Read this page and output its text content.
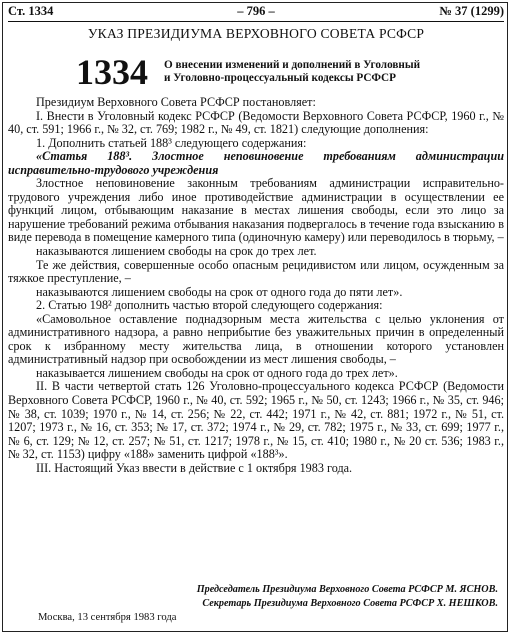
Ст. 1334	– 796 –	№ 37 (1299)
УКАЗ ПРЕЗИДИУМА ВЕРХОВНОГО СОВЕТА РСФСР
1334 О внесении изменений и дополнений в Уголовный
и Уголовно-процессуальный кодексы РСФСР

Президиум Верховного Совета РСФСР постановляет:

I. Внести в Уголовный кодекс РСФСР (Ведомости Верховного Совета РСФСР, 1960 г., № 40, ст. 591; 1966 г., № 32, ст. 769; 1982 г., № 49, ст. 1821) следующие дополнения:

1. Дополнить статьей 188³ следующего содержания:

«Статья 188³. Злостное неповиновение требованиям администрации исправительно-трудового учреждения

Злостное неповиновение законным требованиям администрации исправительно-трудового учреждения либо иное противодействие администрации в осуществлении ее функций лицом, отбывающим наказание в местах лишения свободы, если это лицо за нарушение требований режима отбывания наказания подвергалось в течение года взысканию в виде перевода в помещение камерного типа (одиночную камеру) или переводилось в тюрьму, –

наказываются лишением свободы на срок до трех лет.

Те же действия, совершенные особо опасным рецидивистом или лицом, осужденным за тяжкое преступление, –

наказываются лишением свободы на срок от одного года до пяти лет».

2. Статью 198² дополнить частью второй следующего содержания:

«Самовольное оставление поднадзорным места жительства с целью уклонения от административного надзора, а равно неприбытие без уважительных причин в определенный срок к избранному месту жительства лица, в отношении которого установлен административный надзор при освобождении из мест лишения свободы, –

наказывается лишением свободы на срок от одного года до трех лет».

II. В части четвертой стать 126 Уголовно-процессуального кодекса РСФСР (Ведомости Верховного Совета РСФСР, 1960 г., № 40, ст. 592; 1965 г., № 50, ст. 1243; 1966 г., № 35, ст. 946; № 38, ст. 1039; 1970 г., № 14, ст. 256; № 22, ст. 442; 1971 г., № 42, ст. 881; 1972 г., № 51, ст. 1207; 1973 г., № 16, ст. 353; № 17, ст. 372; 1974 г., № 29, ст. 782; 1975 г., № 33, ст. 699; 1977 г., № 6, ст. 129; № 12, ст. 257; № 51, ст. 1217; 1978 г., № 15, ст. 410; 1980 г., № 20 ст. 536; 1983 г., № 32, ст. 1153) цифру «188» заменить цифрой «188³».

III. Настоящий Указ ввести в действие с 1 октября 1983 года.

Председатель Президиума Верховного Совета РСФСР М. ЯСНОВ.
Секретарь Президиума Верховного Совета РСФСР Х. НЕШКОВ.
Москва, 13 сентября 1983 года
